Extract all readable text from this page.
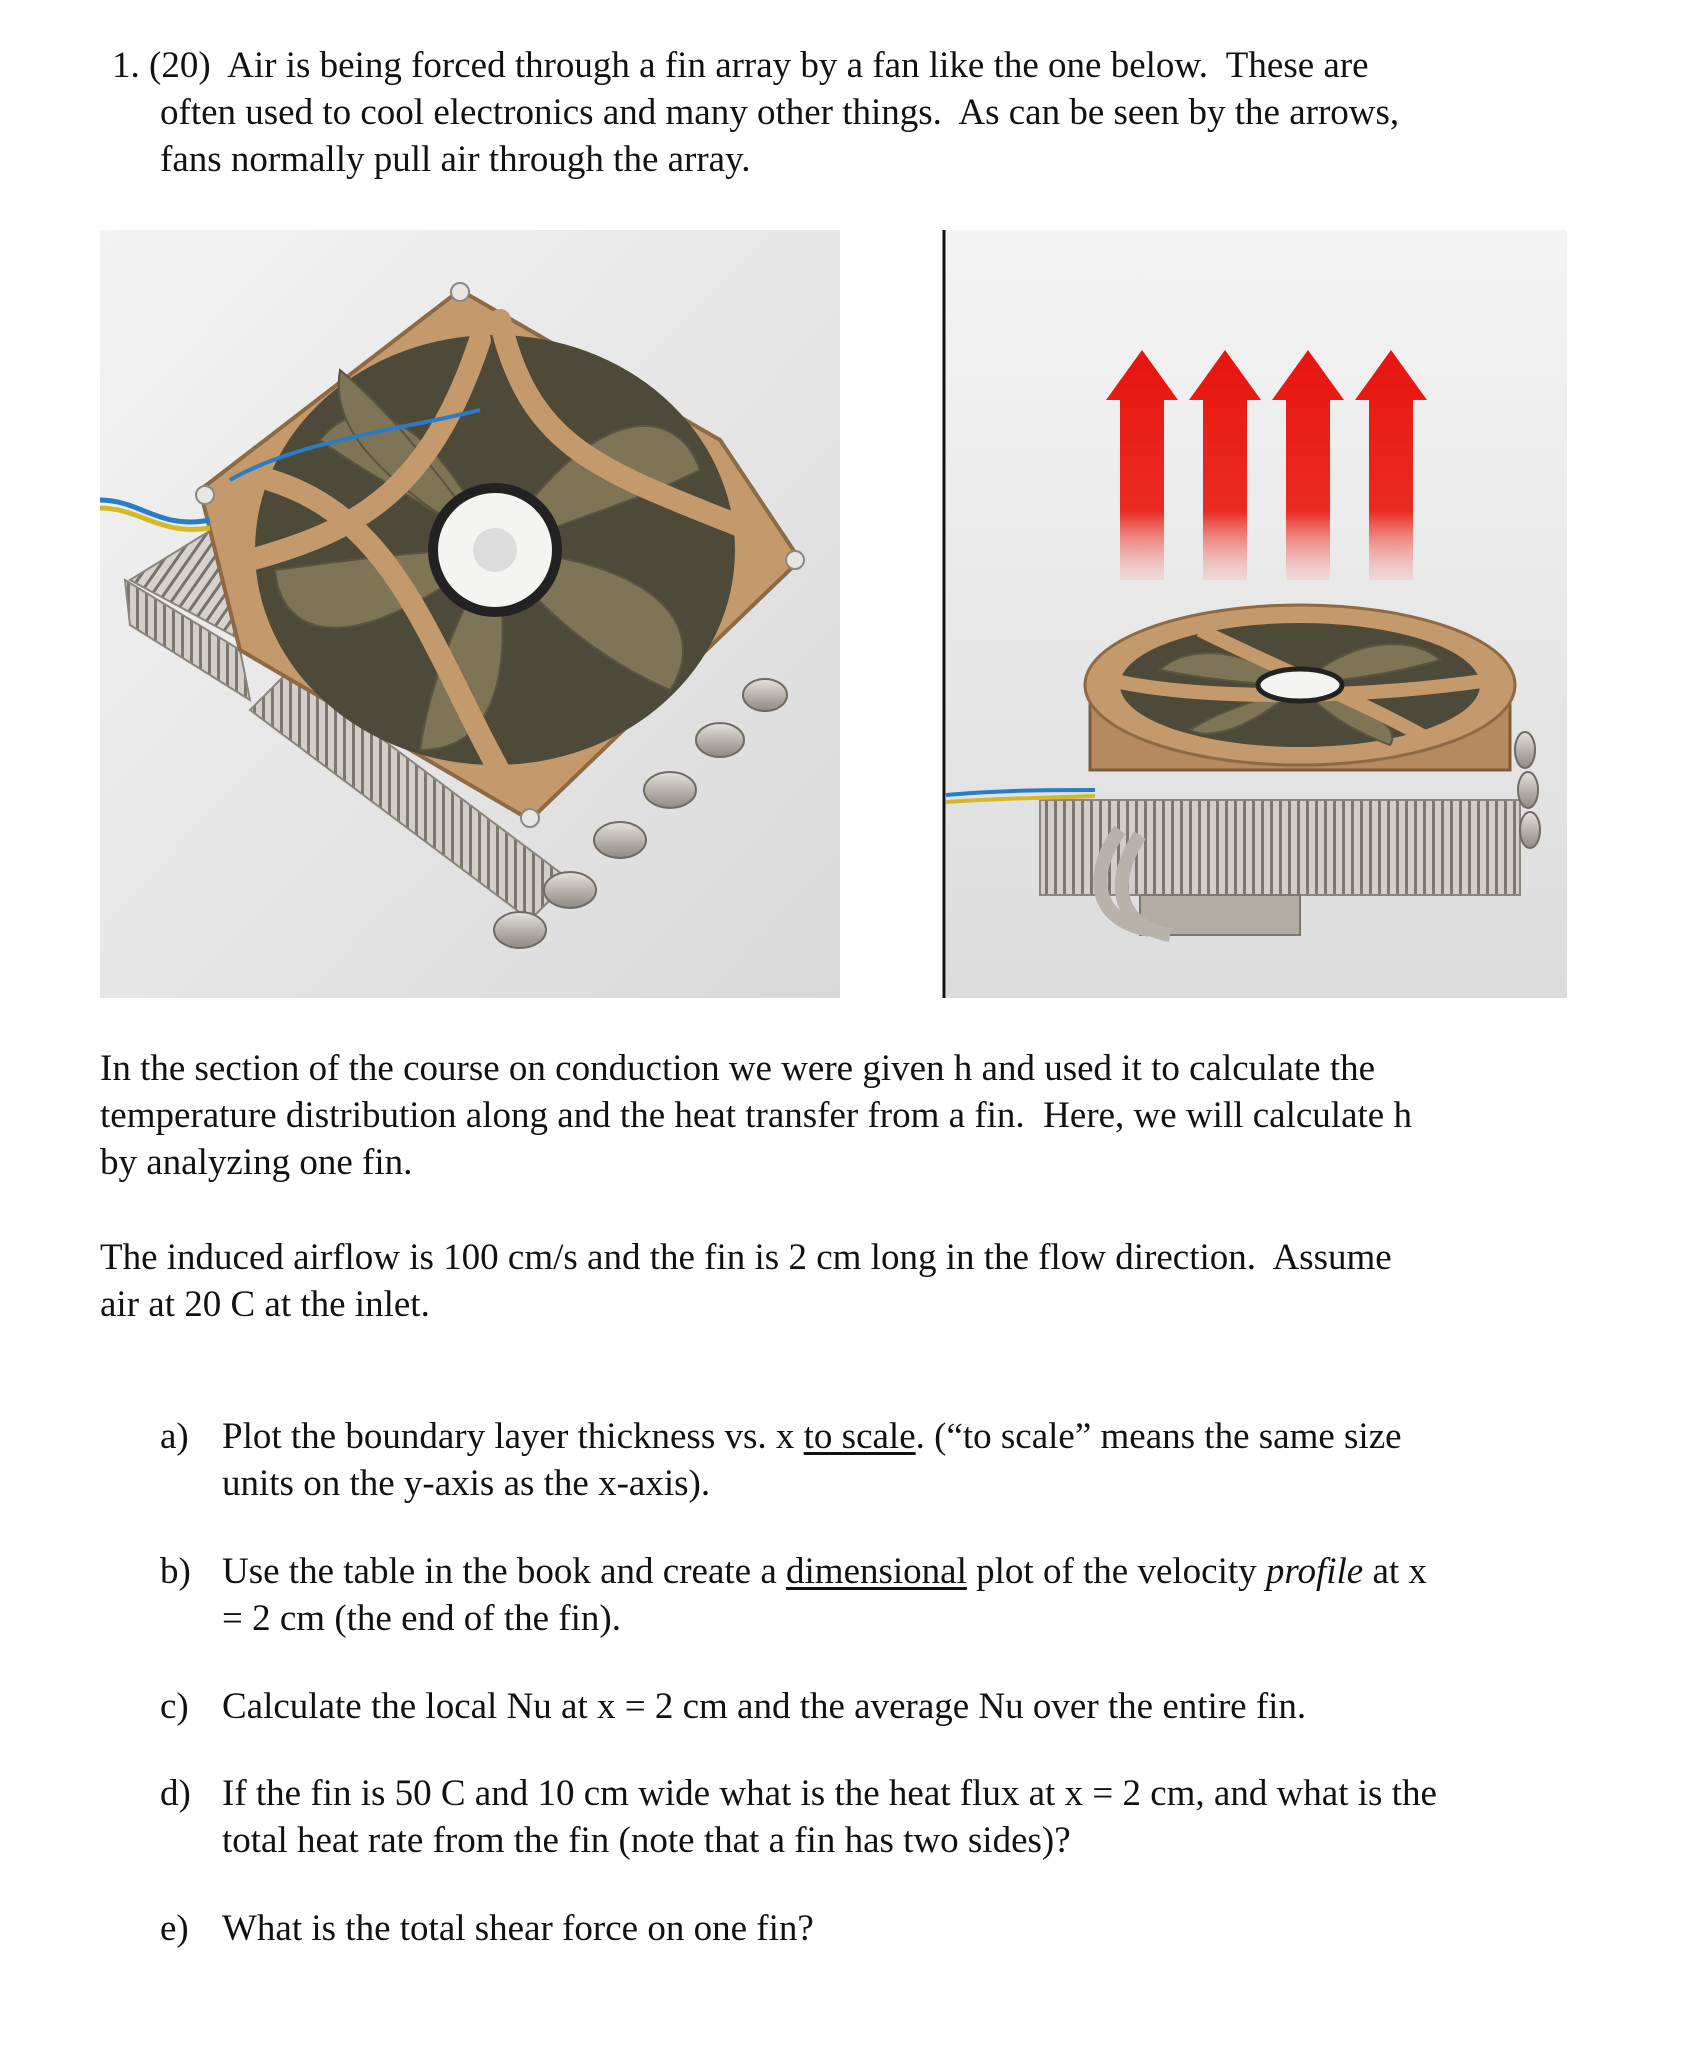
1. (20) Air is being forced through a fin array by a fan like the one below.  These are
often used to cool electronics and many other things.  As can be seen by the arrows,
fans normally pull air through the array.
In the section of the course on conduction we were given h and used it to calculate the
temperature distribution along and the heat transfer from a fin.  Here, we will calculate h
by analyzing one fin.
The induced airflow is 100 cm/s and the fin is 2 cm long in the flow direction.  Assume
air at 20 C at the inlet.
a) Plot the boundary layer thickness vs. x to scale. (“to scale” means the same size
units on the y-axis as the x-axis).
b) Use the table in the book and create a dimensional plot of the velocity profile at x
= 2 cm (the end of the fin).
c) Calculate the local Nu at x = 2 cm and the average Nu over the entire fin.
d) If the fin is 50 C and 10 cm wide what is the heat flux at x = 2 cm, and what is the
total heat rate from the fin (note that a fin has two sides)?
e) What is the total shear force on one fin?
